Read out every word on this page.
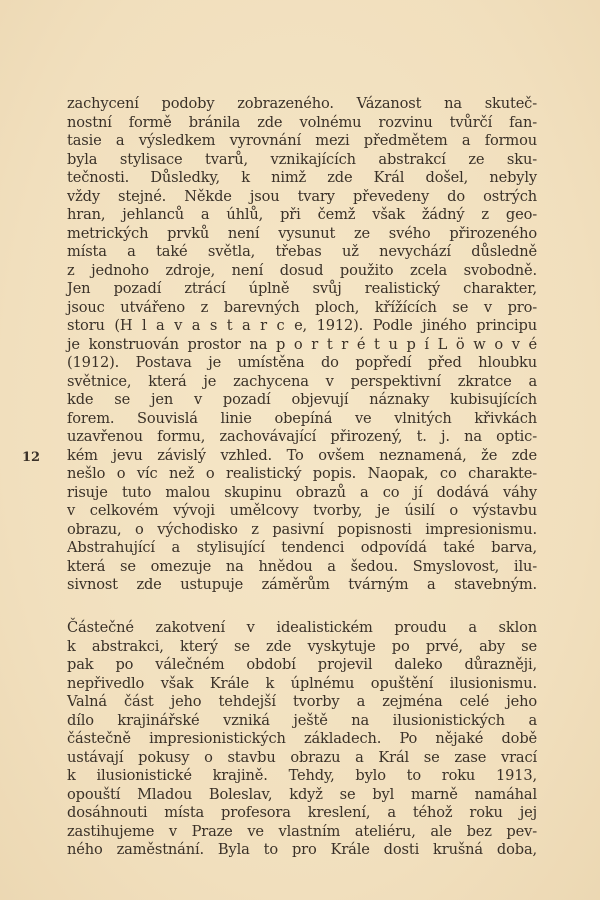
12
zachycení podoby zobrazeného. Vázanost na skuteč-
nostní formě bránila zde volnému rozvinu tvůrčí fan-
tasie a výsledkem vyrovnání mezi předmětem a formou
byla stylisace tvarů, vznikajících abstrakcí ze sku-
tečnosti. Důsledky, k nimž zde Král došel, nebyly
vždy stejné. Někde jsou tvary převedeny do ostrých
hran, jehlanců a úhlů, při čemž však žádný z geo-
metrických prvků není vysunut ze svého přirozeného
místa a také světla, třebas už nevychází důsledně
z jednoho zdroje, není dosud použito zcela svobodně.
Jen pozadí ztrácí úplně svůj realistický charakter,
jsouc utvářeno z barevných ploch, křížících se v pro-
storu (H l a v a s t a r c e, 1912). Podle jiného principu
je konstruován prostor na p o r t r é t u p í L ö w o v é
(1912). Postava je umístěna do popředí před hloubku
světnice, která je zachycena v perspektivní zkratce a
kde se jen v pozadí objevují náznaky kubisujících
forem. Souvislá linie obepíná ve vlnitých křivkách
uzavřenou formu, zachovávající přirozený, t. j. na optic-
kém jevu závislý vzhled. To ovšem neznamená, že zde
nešlo o víc než o realistický popis. Naopak, co charakte-
risuje tuto malou skupinu obrazů a co jí dodává váhy
v celkovém vývoji umělcovy tvorby, je úsilí o výstavbu
obrazu, o východisko z pasivní popisnosti impresionismu.
Abstrahující a stylisující tendenci odpovídá také barva,
která se omezuje na hnědou a šedou. Smyslovost, ilu-
sivnost zde ustupuje záměrům tvárným a stavebným.
Částečné zakotvení v idealistickém proudu a sklon
k abstrakci, který se zde vyskytuje po prvé, aby se
pak po válečném období projevil daleko důrazněji,
nepřivedlo však Krále k úplnému opuštění ilusionismu.
Valná část jeho tehdejší tvorby a zejména celé jeho
dílo krajinářské vzniká ještě na ilusionistických a
částečně impresionistických základech. Po nějaké době
ustávají pokusy o stavbu obrazu a Král se zase vrací
k ilusionistické krajině. Tehdy, bylo to roku 1913,
opouští Mladou Boleslav, když se byl marně namáhal
dosáhnouti místa profesora kreslení, a téhož roku jej
zastihujeme v Praze ve vlastním ateliéru, ale bez pev-
ného zaměstnání. Byla to pro Krále dosti krušná doba,
